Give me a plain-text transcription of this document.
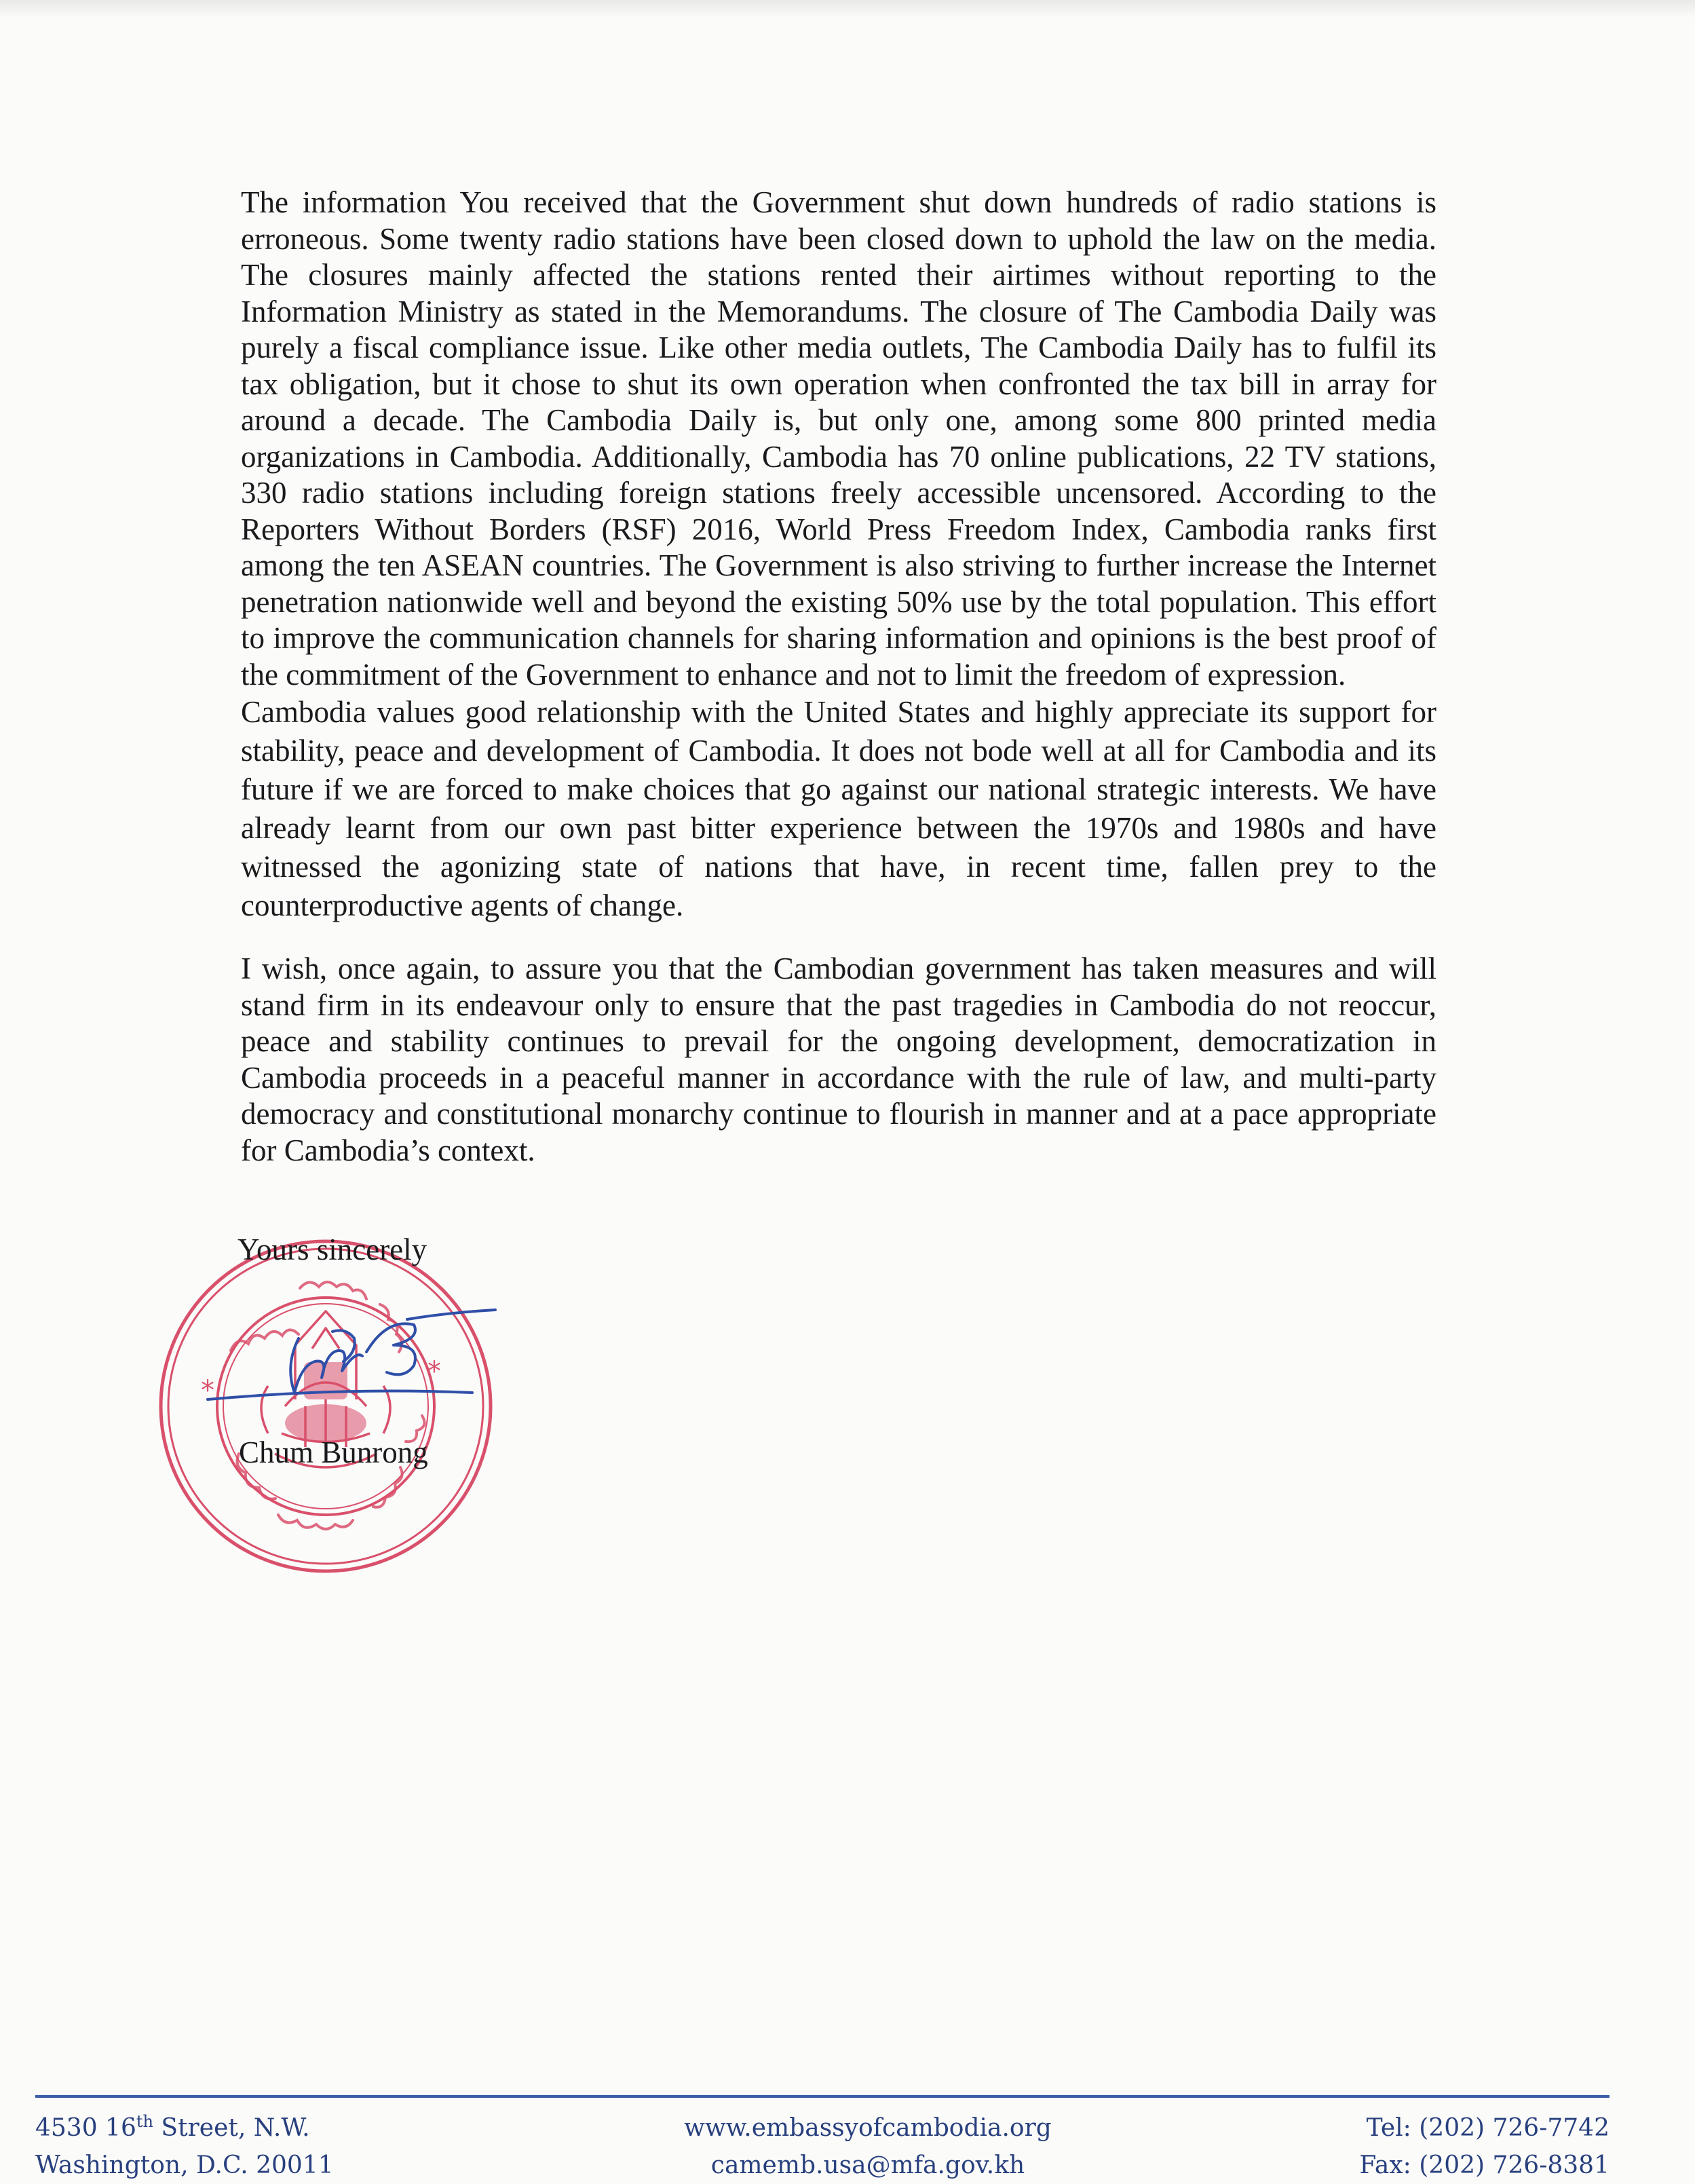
The information You received that the Government shut down hundreds of radio stations is erroneous. Some twenty radio stations have been closed down to uphold the law on the media. The closures mainly affected the stations rented their airtimes without reporting to the Information Ministry as stated in the Memorandums. The closure of The Cambodia Daily was purely a fiscal compliance issue. Like other media outlets, The Cambodia Daily has to fulfil its tax obligation, but it chose to shut its own operation when confronted the tax bill in array for around a decade. The Cambodia Daily is, but only one, among some 800 printed media organizations in Cambodia. Additionally, Cambodia has 70 online publications, 22 TV stations, 330 radio stations including foreign stations freely accessible uncensored. According to the Reporters Without Borders (RSF) 2016, World Press Freedom Index, Cambodia ranks first among the ten ASEAN countries. The Government is also striving to further increase the Internet penetration nationwide well and beyond the existing 50% use by the total population. This effort to improve the communication channels for sharing information and opinions is the best proof of the commitment of the Government to enhance and not to limit the freedom of expression.

Cambodia values good relationship with the United States and highly appreciate its support for stability, peace and development of Cambodia. It does not bode well at all for Cambodia and its future if we are forced to make choices that go against our national strategic interests. We have already learnt from our own past bitter experience between the 1970s and 1980s and have witnessed the agonizing state of nations that have, in recent time, fallen prey to the counterproductive agents of change.

I wish, once again, to assure you that the Cambodian government has taken measures and will stand firm in its endeavour only to ensure that the past tragedies in Cambodia do not reoccur, peace and stability continues to prevail for the ongoing development, democratization in Cambodia proceeds in a peaceful manner in accordance with the rule of law, and multi-party democracy and constitutional monarchy continue to flourish in manner and at a pace appropriate for Cambodia’s context.

*
*
Yours sincerely
Chum Bunrong
4530 16th Street, N.W.
Washington, D.C. 20011
www.embassyofcambodia.org
camemb.usa@mfa.gov.kh
Tel: (202) 726-7742
Fax: (202) 726-8381
